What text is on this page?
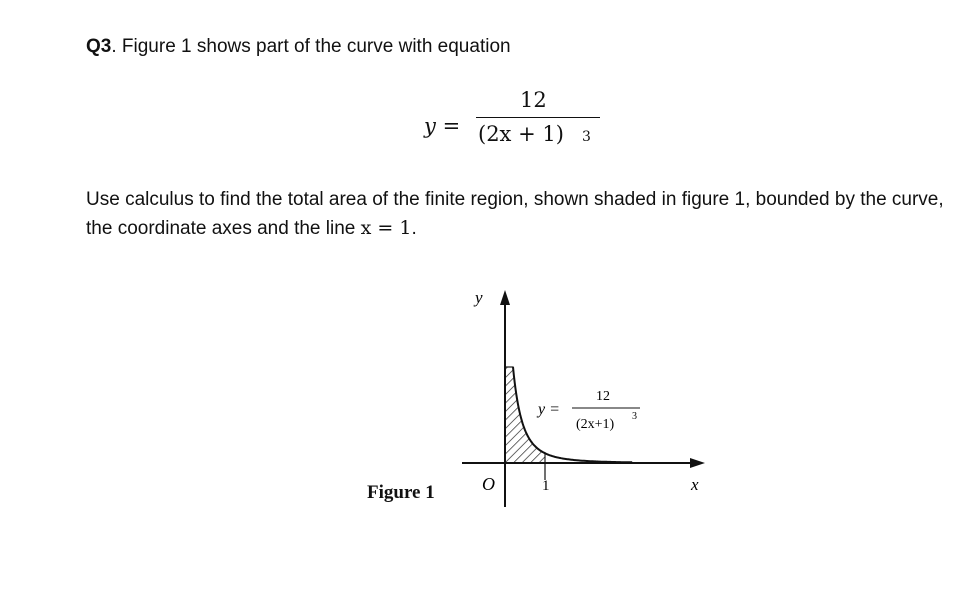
Q3. Figure 1 shows part of the curve with equation
y =
12
(2x + 1) 3
Use calculus to find the total area of the finite region, shown shaded in figure 1, bounded by the curve, the coordinate axes and the line x = 1.
y
x
O	1
y =
12
(2x+1)
3
Figure 1
